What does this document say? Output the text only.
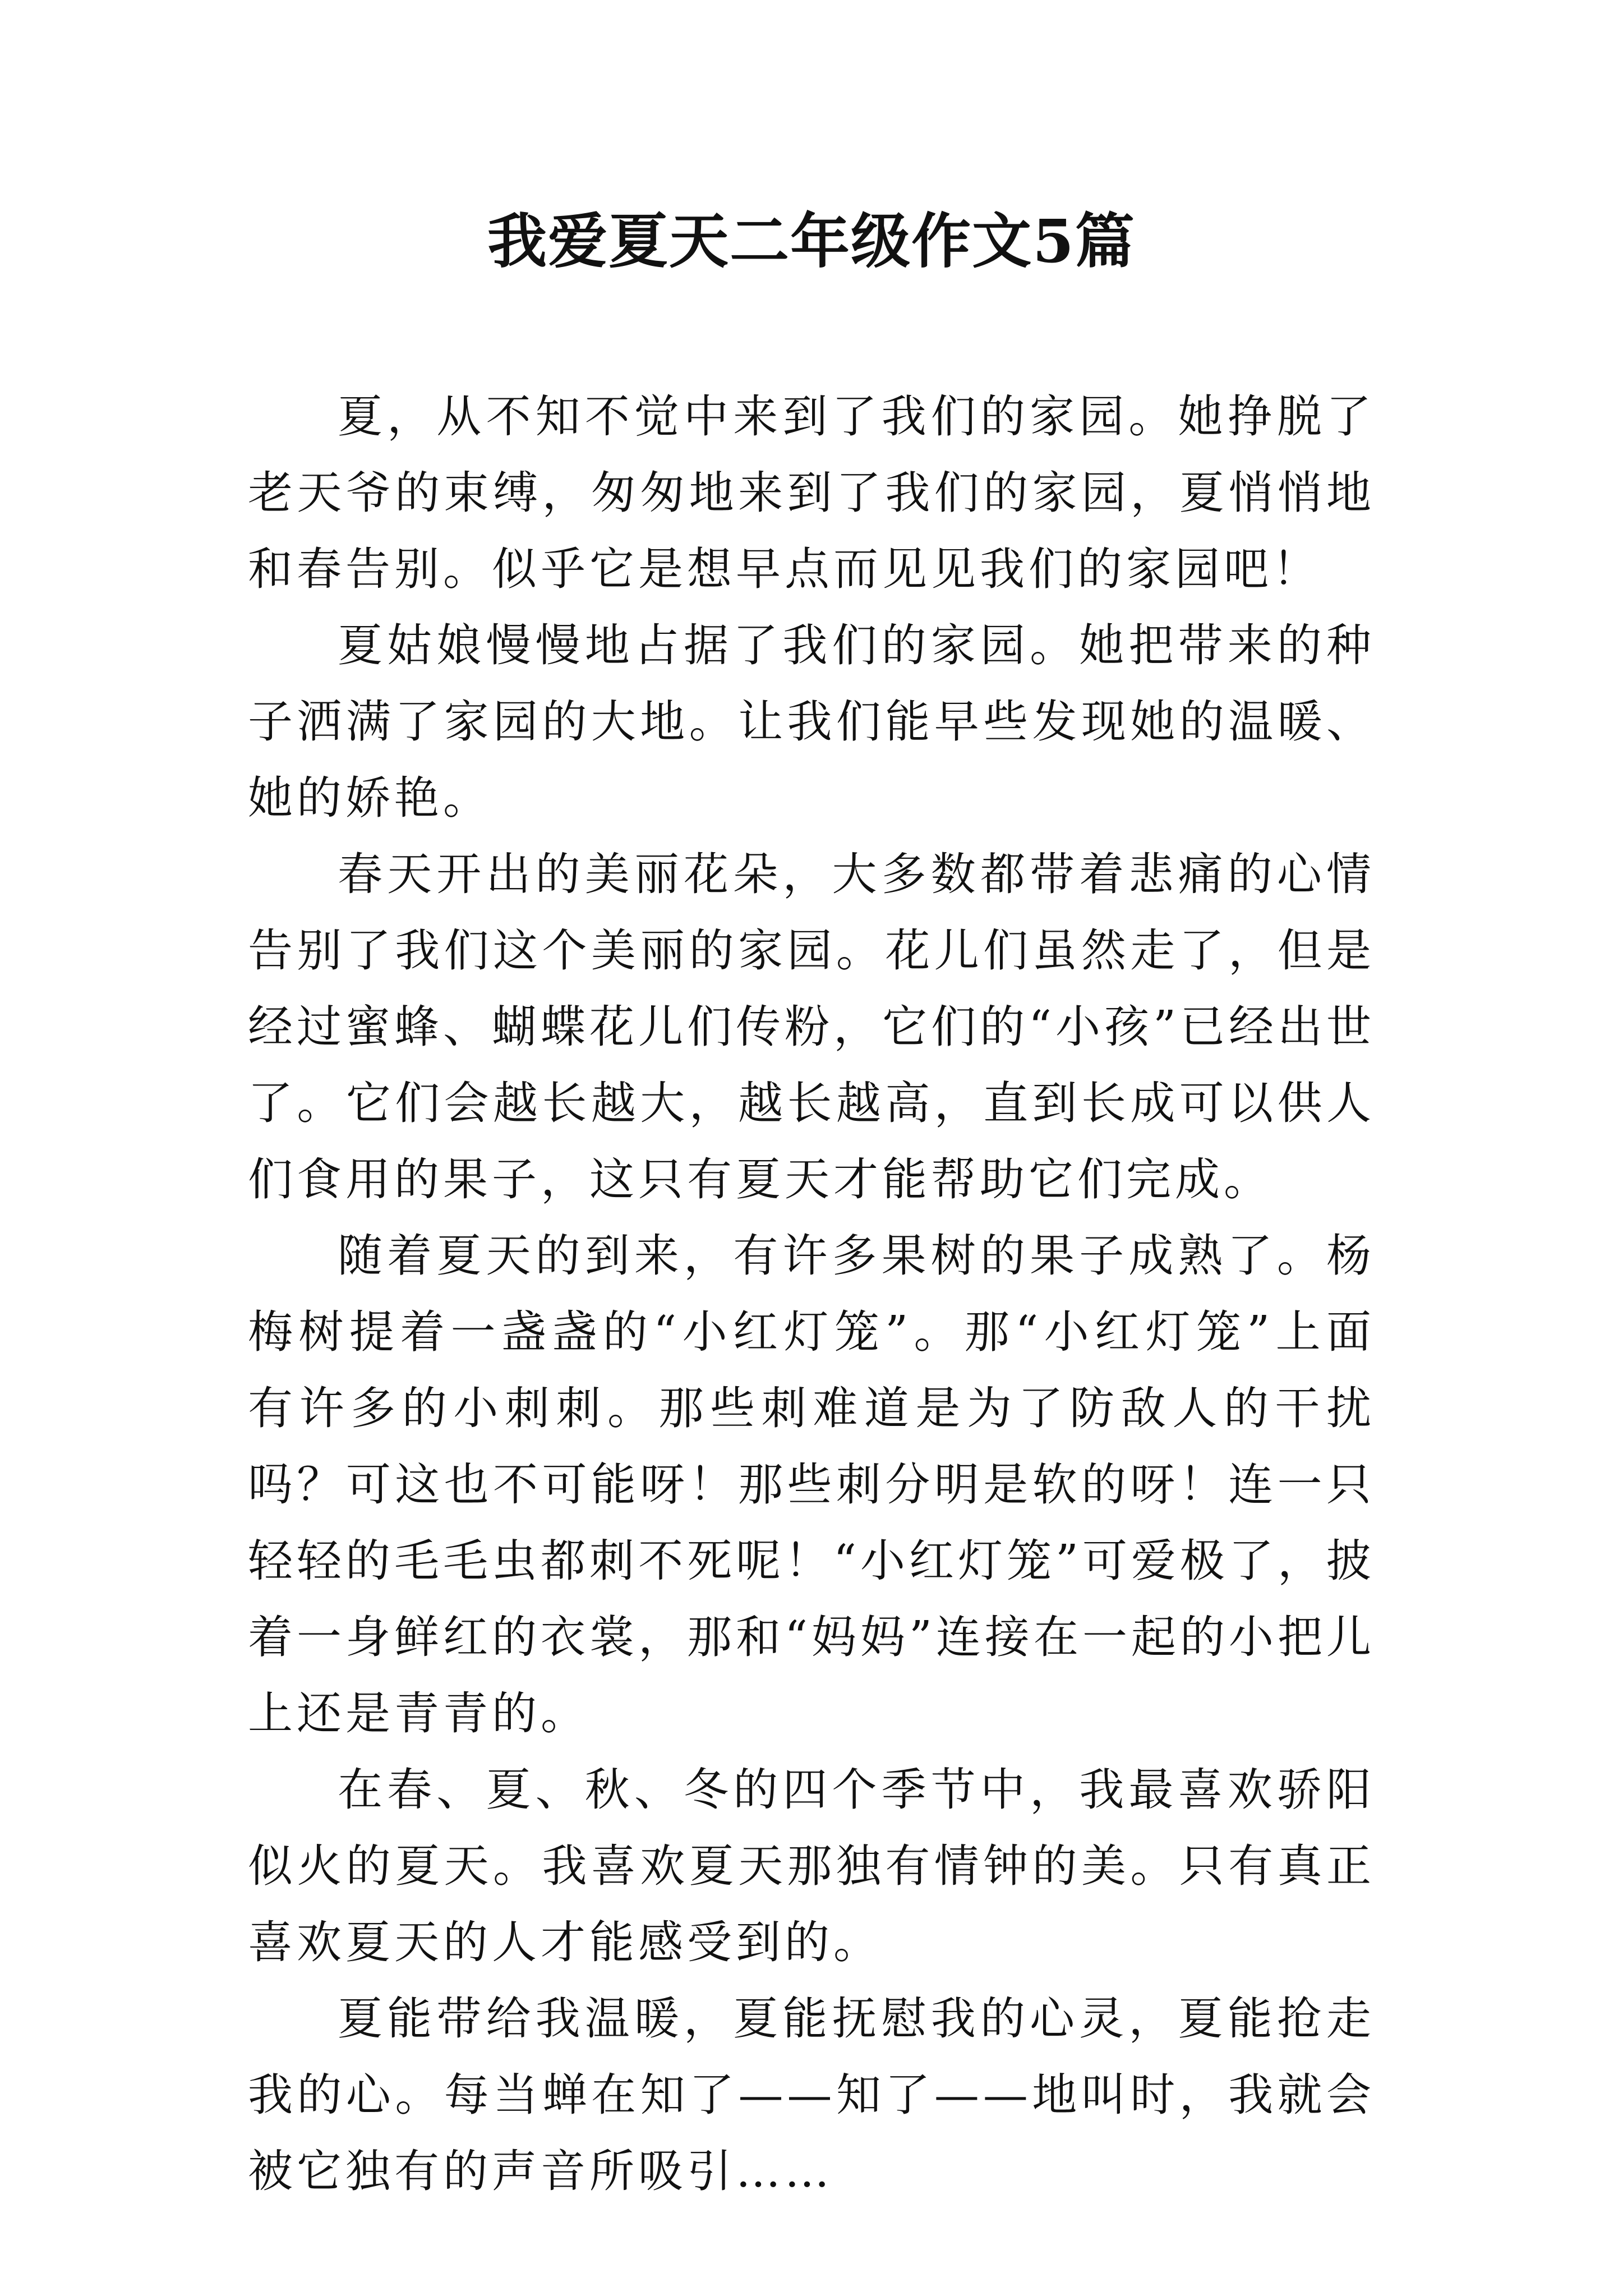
我爱夏天二年级作文5篇

夏，从不知不觉中来到了我们的家园。她挣脱了老天爷的束缚，匆匆地来到了我们的家园，夏悄悄地和春告别。似乎它是想早点而见见我们的家园吧！

夏姑娘慢慢地占据了我们的家园。她把带来的种子洒满了家园的大地。让我们能早些发现她的温暖、她的娇艳。

春天开出的美丽花朵，大多数都带着悲痛的心情告别了我们这个美丽的家园。花儿们虽然走了，但是经过蜜蜂、蝴蝶花儿们传粉，它们的“小孩”已经出世了。它们会越长越大，越长越高，直到长成可以供人们食用的果子，这只有夏天才能帮助它们完成。

随着夏天的到来，有许多果树的果子成熟了。杨梅树提着一盏盏的“小红灯笼”。那“小红灯笼”上面有许多的小刺刺。那些刺难道是为了防敌人的干扰吗？可这也不可能呀！那些刺分明是软的呀！连一只轻轻的毛毛虫都刺不死呢！“小红灯笼”可爱极了，披着一身鲜红的衣裳，那和“妈妈”连接在一起的小把儿上还是青青的。

在春、夏、秋、冬的四个季节中，我最喜欢骄阳似火的夏天。我喜欢夏天那独有情钟的美。只有真正喜欢夏天的人才能感受到的。

夏能带给我温暖，夏能抚慰我的心灵，夏能抢走我的心。每当蝉在知了——知了——地叫时，我就会被它独有的声音所吸引……
